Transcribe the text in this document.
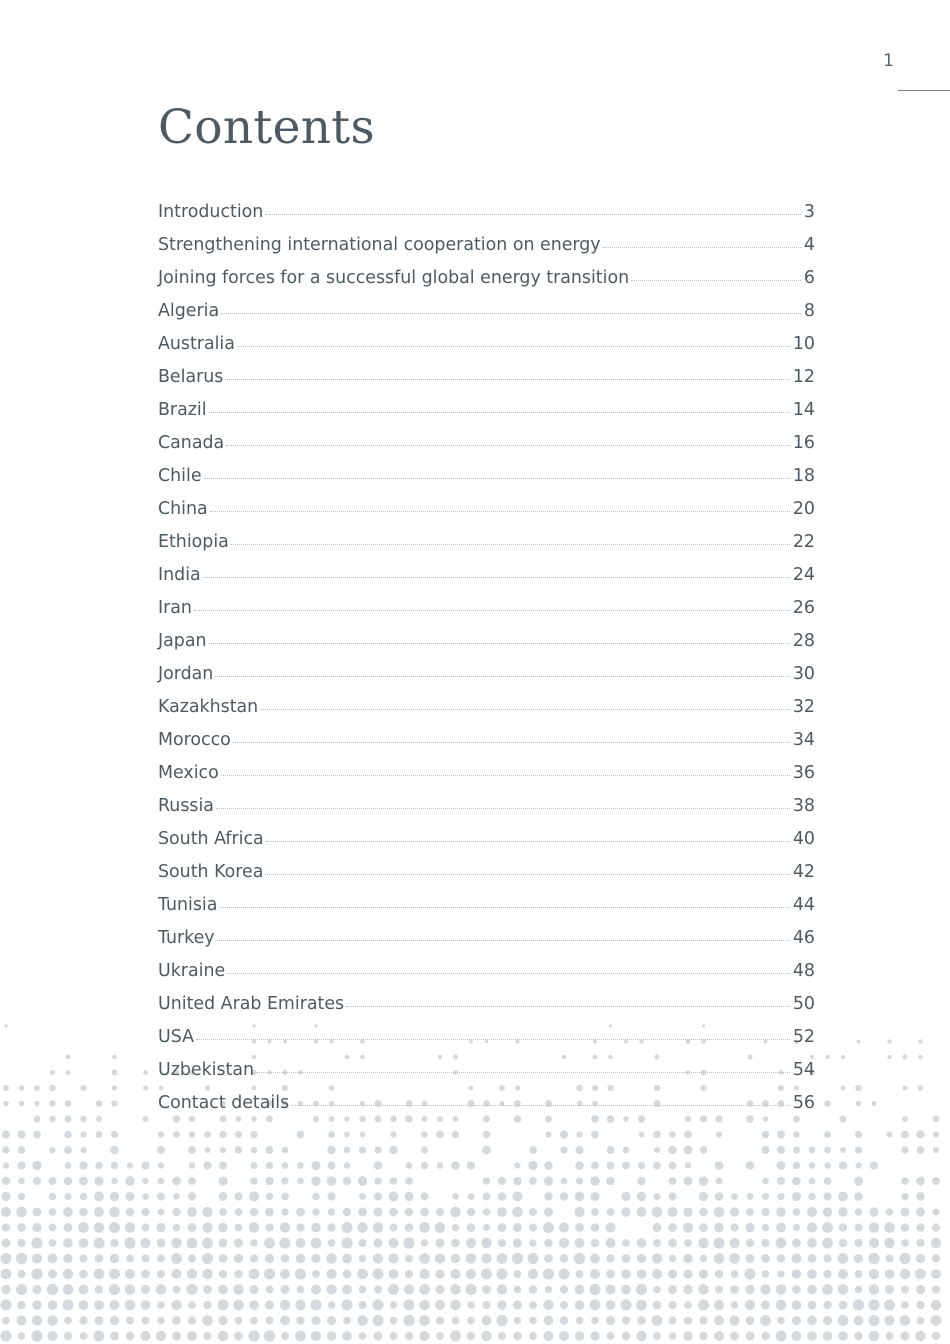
1
Contents
Introduction	3
Strengthening international cooperation on energy	4
Joining forces for a successful global energy transition	6
Algeria	8
Australia	10
Belarus	12
Brazil	14
Canada	16
Chile	18
China	20
Ethiopia	22
India	24
Iran	26
Japan	28
Jordan	30
Kazakhstan	32
Morocco	34
Mexico	36
Russia	38
South Africa	40
South Korea	42
Tunisia	44
Turkey	46
Ukraine	48
United Arab Emirates	50
USA	52
Uzbekistan	54
Contact details	56
